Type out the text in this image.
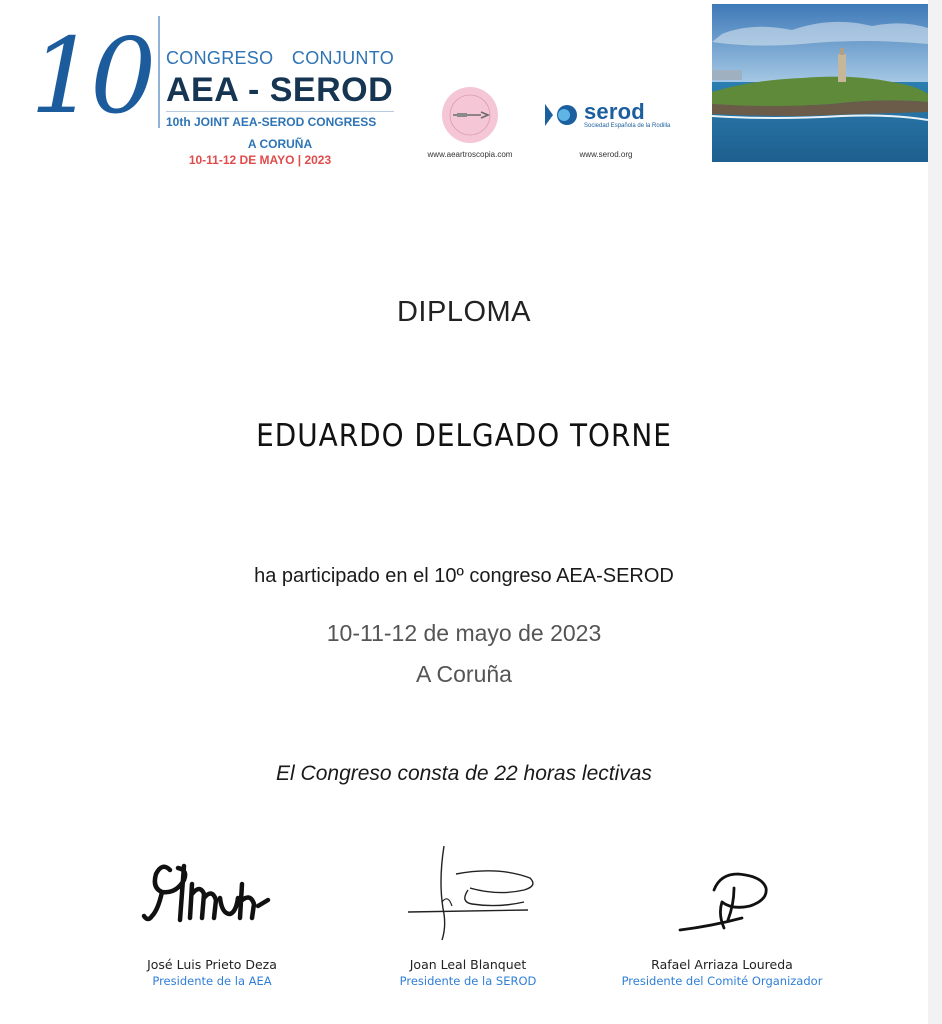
10 CONGRESO CONJUNTO
AEA - SEROD
10th JOINT AEA-SEROD CONGRESS
A CORUÑA
10-11-12 DE MAYO | 2023	www.aeartroscopia.com
serod
Sociedad Española de la Rodilla
www.serod.org
DIPLOMA
EDUARDO DELGADO TORNE
ha participado en el 10º congreso AEA-SEROD
10-11-12 de mayo de 2023
A Coruña
El Congreso consta de 22 horas lectivas
José Luis Prieto Deza
Presidente de la AEA
Joan Leal Blanquet
Presidente de la SEROD
Rafael Arriaza Loureda
Presidente del Comité Organizador
